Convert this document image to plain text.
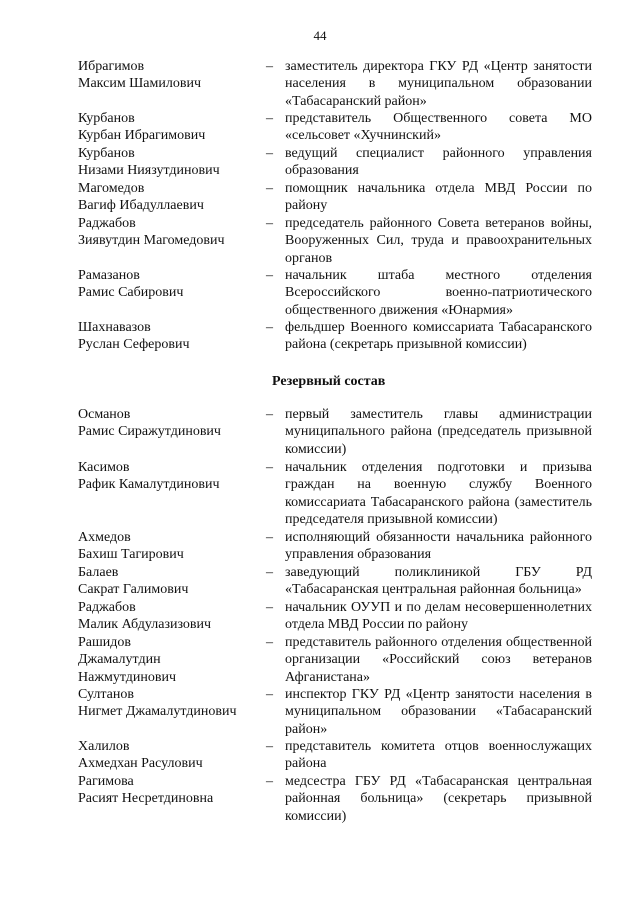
44
Ибрагимов
Максим Шамилович
– заместитель директора ГКУ РД «Центр занятости населения в муниципальном образовании «Табасаранский район»
Курбанов
Курбан Ибрагимович
– представитель Общественного совета МО «сельсовет «Хучнинский»
Курбанов
Низами Ниязутдинович
– ведущий специалист районного управления образования
Магомедов
Вагиф Ибадуллаевич
– помощник начальника отдела МВД России по району
Раджабов
Зиявутдин Магомедович
– председатель районного Совета ветеранов войны, Вооруженных Сил, труда и правоохранительных органов
Рамазанов
Рамис Сабирович
– начальник штаба местного отделения Всероссийского военно-патриотического общественного движения «Юнармия»
Шахнавазов
Руслан Сеферович
– фельдшер Военного комиссариата Табасаранского района (секретарь призывной комиссии)
Резервный состав
Османов
Рамис Сиражутдинович
– первый заместитель главы администрации муниципального района (председатель призывной комиссии)
Касимов
Рафик Камалутдинович
– начальник отделения подготовки и призыва граждан на военную службу Военного комиссариата Табасаранского района (заместитель председателя призывной комиссии)
Ахмедов
Бахиш Тагирович
– исполняющий обязанности начальника районного управления образования
Балаев
Сакрат Галимович
– заведующий поликлиникой ГБУ РД «Табасаранская центральная районная больница»
Раджабов
Малик Абдулазизович
– начальник ОУУП и по делам несовершеннолетних отдела МВД России по району
Рашидов
Джамалутдин
Нажмутдинович
– представитель районного отделения общественной организации «Российский союз ветеранов Афганистана»
Султанов
Нигмет Джамалутдинович
– инспектор ГКУ РД «Центр занятости населения в муниципальном образовании «Табасаранский район»
Халилов
Ахмедхан Расулович
– представитель комитета отцов военнослужащих района
Рагимова
Расият Несретдиновна
– медсестра ГБУ РД «Табасаранская центральная районная больница» (секретарь призывной комиссии)
